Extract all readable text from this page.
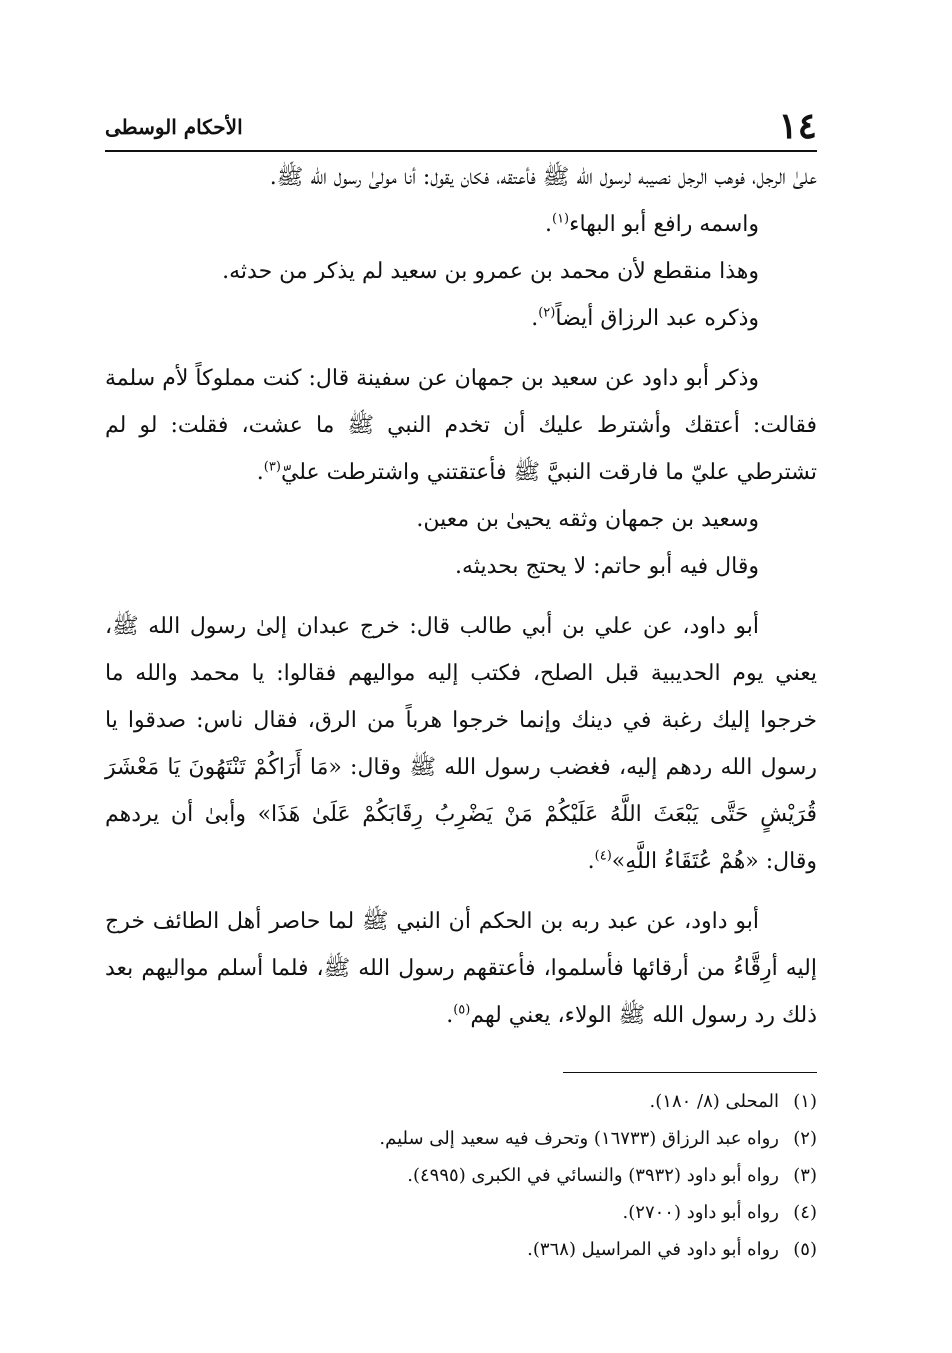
١٤
الأحكام الوسطى

علىٰ الرجل، فوهب الرجل نصيبه لرسول الله ﷺ فأعتقه، فكان يقول: أنا مولىٰ رسول الله ﷺ.

واسمه رافع أبو البهاء$^{(١)}$.

وهذا منقطع لأن محمد بن عمرو بن سعيد لم يذكر من حدثه.

وذكره عبد الرزاق أيضاً$^{(٢)}$.

وذكر أبو داود عن سعيد بن جمهان عن سفينة قال: كنت مملوكاً لأم سلمة فقالت: أعتقك وأشترط عليك أن تخدم النبي ﷺ ما عشت، فقلت: لو لم تشترطي عليّ ما فارقت النبيَّ ﷺ فأعتقتني واشترطت عليّ$^{(٣)}$.

وسعيد بن جمهان وثقه يحيىٰ بن معين.

وقال فيه أبو حاتم: لا يحتج بحديثه.

أبو داود، عن علي بن أبي طالب قال: خرج عبدان إلىٰ رسول الله ﷺ، يعني يوم الحديبية قبل الصلح، فكتب إليه مواليهم فقالوا: يا محمد والله ما خرجوا إليك رغبة في دينك وإنما خرجوا هرباً من الرق، فقال ناس: صدقوا يا رسول الله ردهم إليه، فغضب رسول الله ﷺ وقال: «مَا أَرَاكُمْ تَنْتَهُونَ يَا مَعْشَرَ قُرَيْشٍ حَتَّى يَبْعَثَ اللَّهُ عَلَيْكُمْ مَنْ يَضْرِبُ رِقَابَكُمْ عَلَىٰ هَذَا» وأبىٰ أن يردهم وقال: «هُمْ عُتَقَاءُ اللَّهِ»$^{(٤)}$.

أبو داود، عن عبد ربه بن الحكم أن النبي ﷺ لما حاصر أهل الطائف خرج إليه أرِقَّاءُ من أرقائها فأسلموا، فأعتقهم رسول الله ﷺ، فلما أسلم مواليهم بعد ذلك رد رسول الله ﷺ الولاء، يعني لهم$^{(٥)}$.

(١)المحلى (٨/ ١٨٠).
(٢)رواه عبد الرزاق (١٦٧٣٣) وتحرف فيه سعيد إلى سليم.
(٣)رواه أبو داود (٣٩٣٢) والنسائي في الكبرى (٤٩٩٥).
(٤)رواه أبو داود (٢٧٠٠).
(٥)رواه أبو داود في المراسيل (٣٦٨).
